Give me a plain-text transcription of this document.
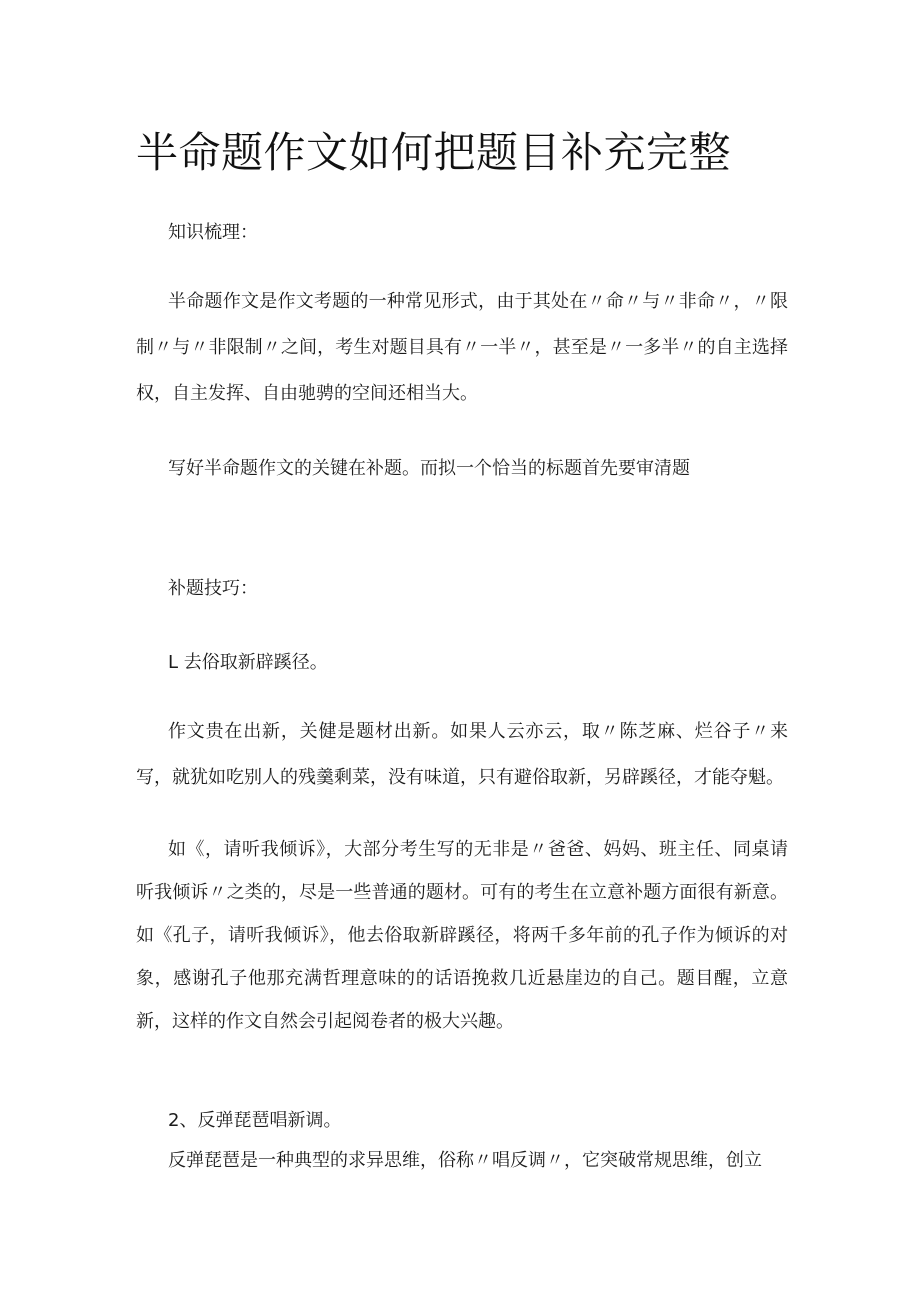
半命题作文如何把题目补充完整

知识梳理：

半命题作文是作文考题的一种常见形式，由于其处在〃命〃与〃非命〃，〃限制〃与〃非限制〃之间，考生对题目具有〃一半〃，甚至是〃一多半〃的自主选择权，自主发挥、自由驰骋的空间还相当大。

写好半命题作文的关键在补题。而拟一个恰当的标题首先要审清题

补题技巧：

L 去俗取新辟蹊径。

作文贵在出新，关健是题材出新。如果人云亦云，取〃陈芝麻、烂谷子〃来写，就犹如吃别人的残羹剩菜，没有味道，只有避俗取新，另辟蹊径，才能夺魁。

如《，请听我倾诉》，大部分考生写的无非是〃爸爸、妈妈、班主任、同桌请听我倾诉〃之类的，尽是一些普通的题材。可有的考生在立意补题方面很有新意。如《孔子，请听我倾诉》，他去俗取新辟蹊径，将两千多年前的孔子作为倾诉的对象，感谢孔子他那充满哲理意味的的话语挽救几近悬崖边的自己。题目醒，立意新，这样的作文自然会引起阅卷者的极大兴趣。

2、反弹琵琶唱新调。

反弹琵琶是一种典型的求异思维，俗称〃唱反调〃，它突破常规思维，创立
